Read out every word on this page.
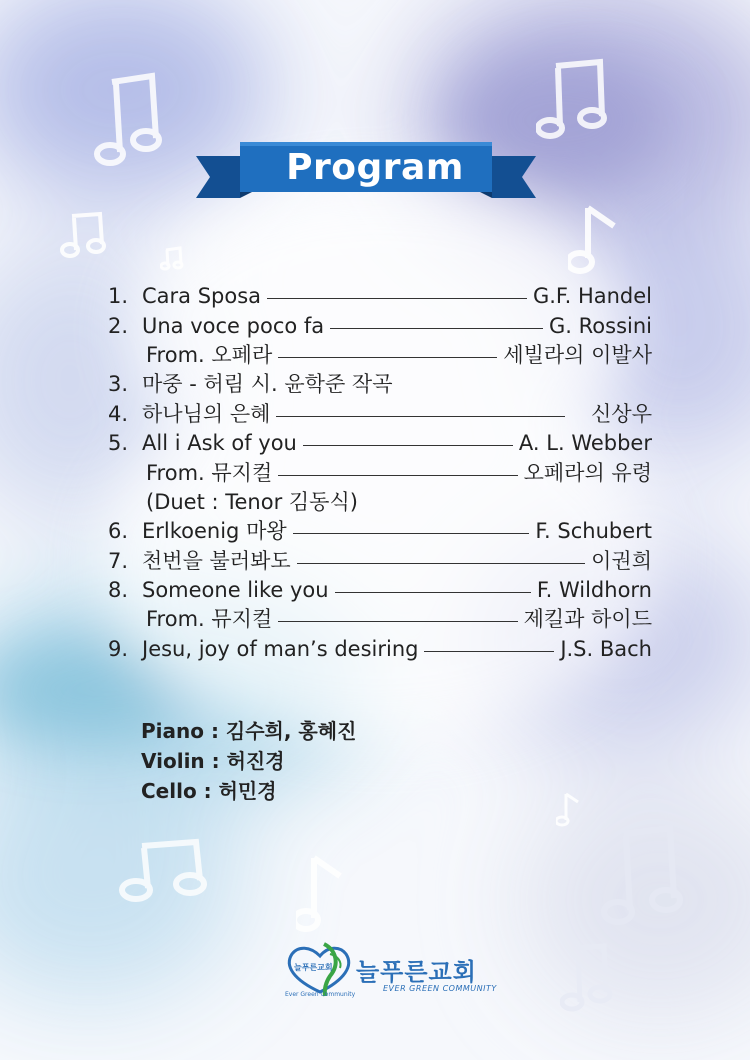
Program
1. Cara Sposa	G.F. Handel
2. Una voce poco fa	G. Rossini
From. 오페라	세빌라의 이발사
3. 마중 - 허림 시. 윤학준 작곡
4. 하나님의 은혜	신상우
5. All i Ask of you	A. L. Webber
From. 뮤지컬	오페라의 유령
(Duet : Tenor 김동식)
6. Erlkoenig 마왕	F. Schubert
7. 천번을 불러봐도	이권희
8. Someone like you	F. Wildhorn
From. 뮤지컬	제킬과 하이드
9. Jesu, joy of man’s desiring	J.S. Bach
Piano : 김수희, 홍혜진
Violin : 허진경
Cello : 허민경
늘푸른교회
Ever Green Community
늘푸른교회
EVER GREEN COMMUNITY
